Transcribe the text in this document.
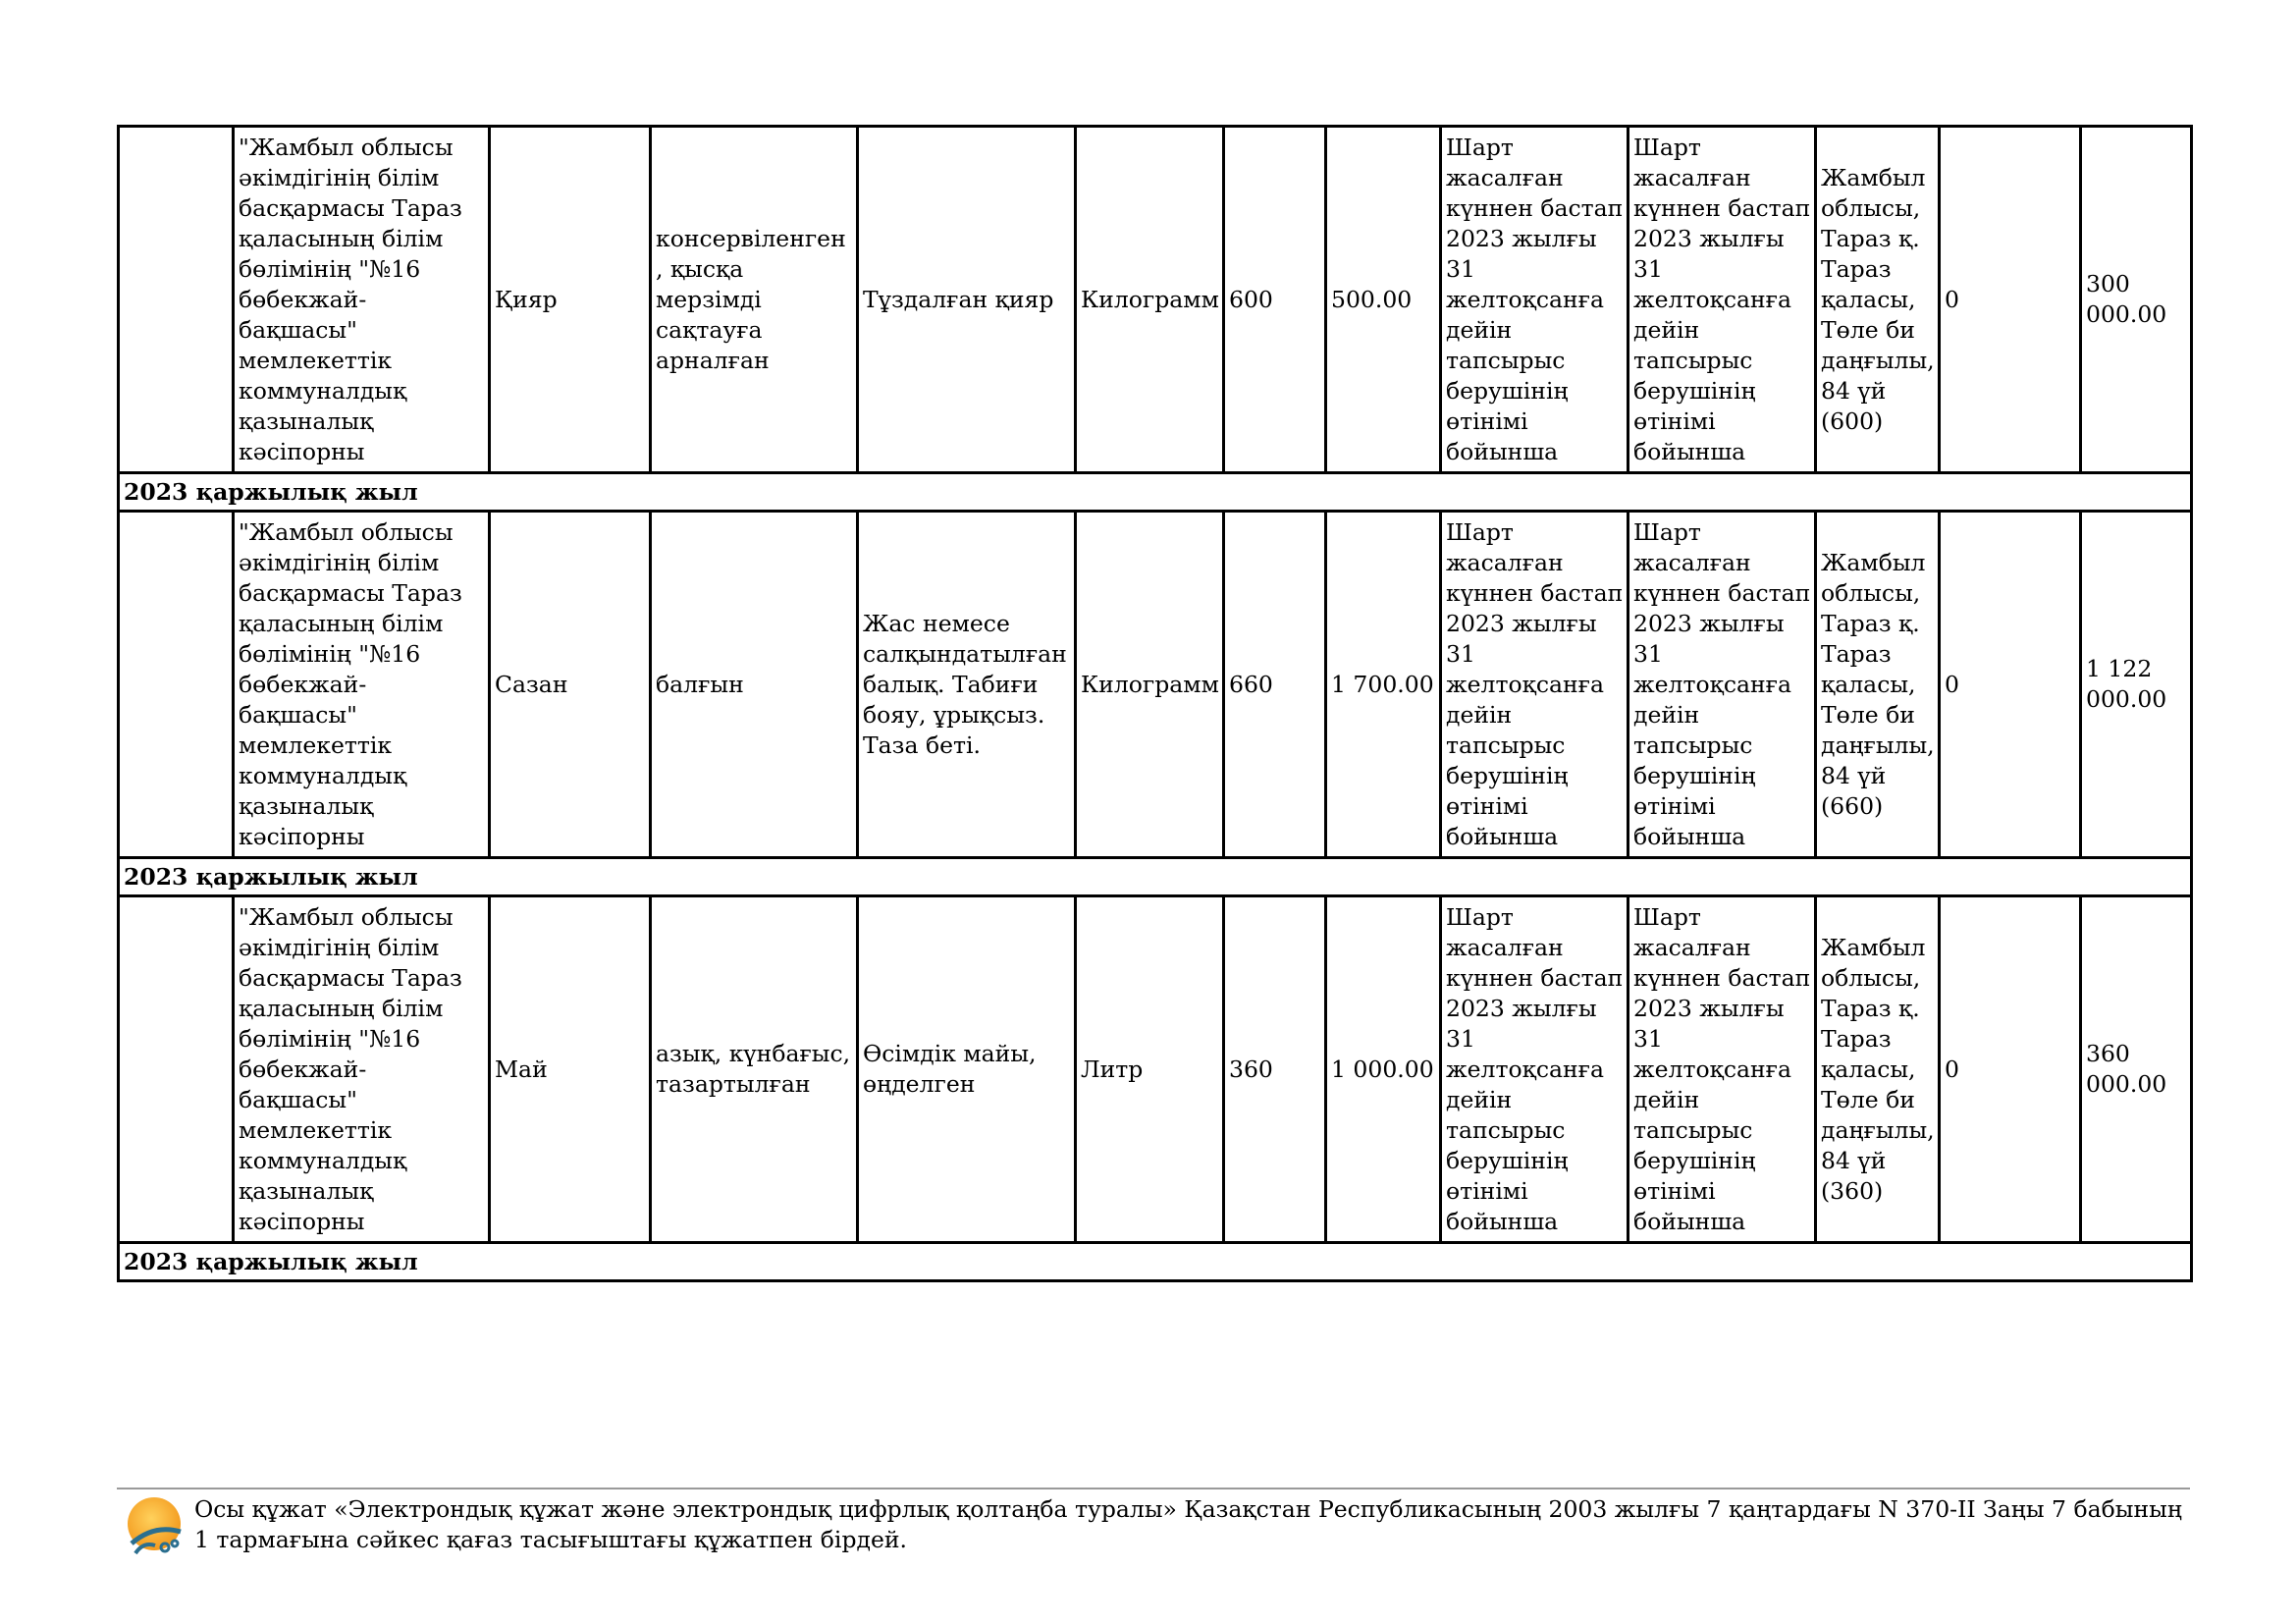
	"Жамбыл облысы әкімдігінің білім басқармасы Тараз қаласының білім бөлімінің "№16 бөбекжай-бақшасы" мемлекеттік коммуналдық қазыналық кәсіпорны	Қияр	консервіленген, қысқа мерзімді сақтауға арналған	Тұздалған қияр	Килограмм	600	500.00	Шарт жасалған күннен бастап 2023 жылғы 31 желтоқсанға дейін тапсырыс берушінің өтінімі бойынша	Шарт жасалған күннен бастап 2023 жылғы 31 желтоқсанға дейін тапсырыс берушінің өтінімі бойынша	Жамбыл облысы, Тараз қ. Тараз қаласы, Төле би даңғылы, 84 үй (600)	0	300 000.00
2023 қаржылық жыл												
	"Жамбыл облысы әкімдігінің білім басқармасы Тараз қаласының білім бөлімінің "№16 бөбекжай-бақшасы" мемлекеттік коммуналдық қазыналық кәсіпорны	Сазан	балғын	Жас немесе салқындатылған балық. Табиғи бояу, ұрықсыз. Таза беті.	Килограмм	660	1 700.00	Шарт жасалған күннен бастап 2023 жылғы 31 желтоқсанға дейін тапсырыс берушінің өтінімі бойынша	Шарт жасалған күннен бастап 2023 жылғы 31 желтоқсанға дейін тапсырыс берушінің өтінімі бойынша	Жамбыл облысы, Тараз қ. Тараз қаласы, Төле би даңғылы, 84 үй (660)	0	1 122 000.00
2023 қаржылық жыл												
	"Жамбыл облысы әкімдігінің білім басқармасы Тараз қаласының білім бөлімінің "№16 бөбекжай-бақшасы" мемлекеттік коммуналдық қазыналық кәсіпорны	Май	азық, күнбағыс, тазартылған	Өсімдік майы, өңделген	Литр	360	1 000.00	Шарт жасалған күннен бастап 2023 жылғы 31 желтоқсанға дейін тапсырыс берушінің өтінімі бойынша	Шарт жасалған күннен бастап 2023 жылғы 31 желтоқсанға дейін тапсырыс берушінің өтінімі бойынша	Жамбыл облысы, Тараз қ. Тараз қаласы, Төле би даңғылы, 84 үй (360)	0	360 000.00
2023 қаржылық жыл												
Осы құжат «Электрондық құжат және электрондық цифрлық қолтаңба туралы» Қазақстан Республикасының 2003 жылғы 7 қаңтардағы N 370-II Заңы 7 бабының 1 тармағына сәйкес қағаз тасығыштағы құжатпен бірдей.
